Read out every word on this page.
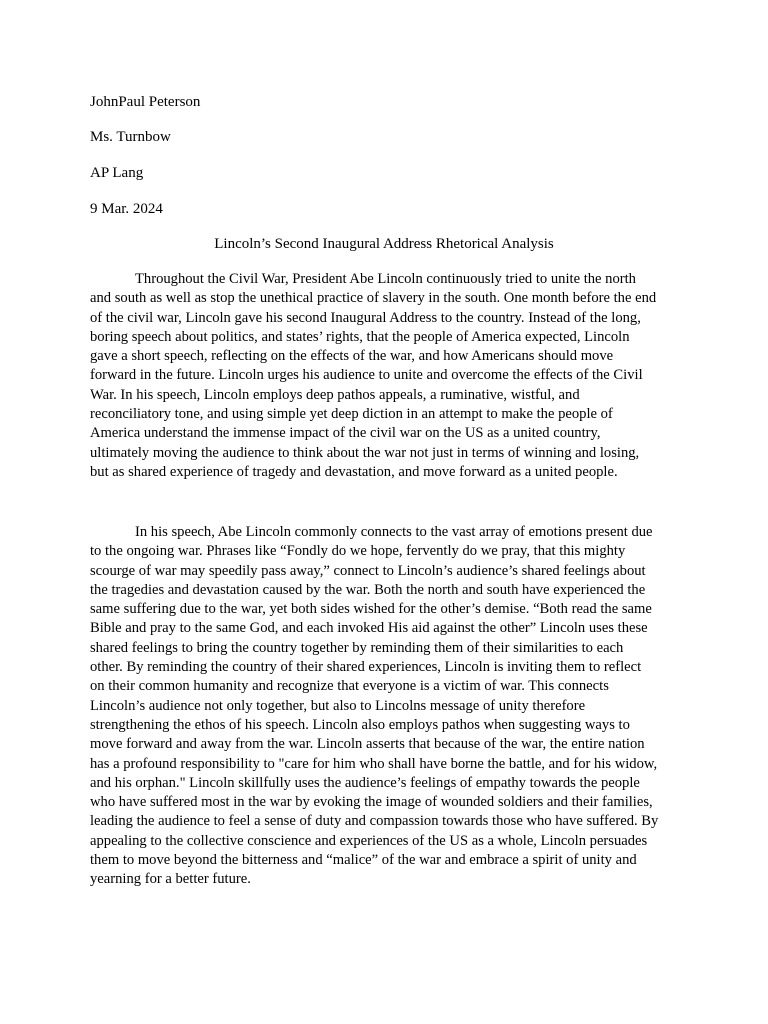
JohnPaul Peterson
Ms. Turnbow
AP Lang
9 Mar. 2024
Lincoln’s Second Inaugural Address Rhetorical Analysis

Throughout the Civil War, President Abe Lincoln continuously tried to unite the north
and south as well as stop the unethical practice of slavery in the south. One month before the end
of the civil war, Lincoln gave his second Inaugural Address to the country. Instead of the long,
boring speech about politics, and states’ rights, that the people of America expected, Lincoln
gave a short speech, reflecting on the effects of the war, and how Americans should move
forward in the future. Lincoln urges his audience to unite and overcome the effects of the Civil
War. In his speech, Lincoln employs deep pathos appeals, a ruminative, wistful, and
reconciliatory tone, and using simple yet deep diction in an attempt to make the people of
America understand the immense impact of the civil war on the US as a united country,
ultimately moving the audience to think about the war not just in terms of winning and losing,
but as shared experience of tragedy and devastation, and move forward as a united people.

In his speech, Abe Lincoln commonly connects to the vast array of emotions present due
to the ongoing war. Phrases like “Fondly do we hope, fervently do we pray, that this mighty
scourge of war may speedily pass away,” connect to Lincoln’s audience’s shared feelings about
the tragedies and devastation caused by the war. Both the north and south have experienced the
same suffering due to the war, yet both sides wished for the other’s demise. “Both read the same
Bible and pray to the same God, and each invoked His aid against the other” Lincoln uses these
shared feelings to bring the country together by reminding them of their similarities to each
other. By reminding the country of their shared experiences, Lincoln is inviting them to reflect
on their common humanity and recognize that everyone is a victim of war. This connects
Lincoln’s audience not only together, but also to Lincolns message of unity therefore
strengthening the ethos of his speech. Lincoln also employs pathos when suggesting ways to
move forward and away from the war. Lincoln asserts that because of the war, the entire nation
has a profound responsibility to "care for him who shall have borne the battle, and for his widow,
and his orphan." Lincoln skillfully uses the audience’s feelings of empathy towards the people
who have suffered most in the war by evoking the image of wounded soldiers and their families,
leading the audience to feel a sense of duty and compassion towards those who have suffered. By
appealing to the collective conscience and experiences of the US as a whole, Lincoln persuades
them to move beyond the bitterness and “malice” of the war and embrace a spirit of unity and
yearning for a better future.
